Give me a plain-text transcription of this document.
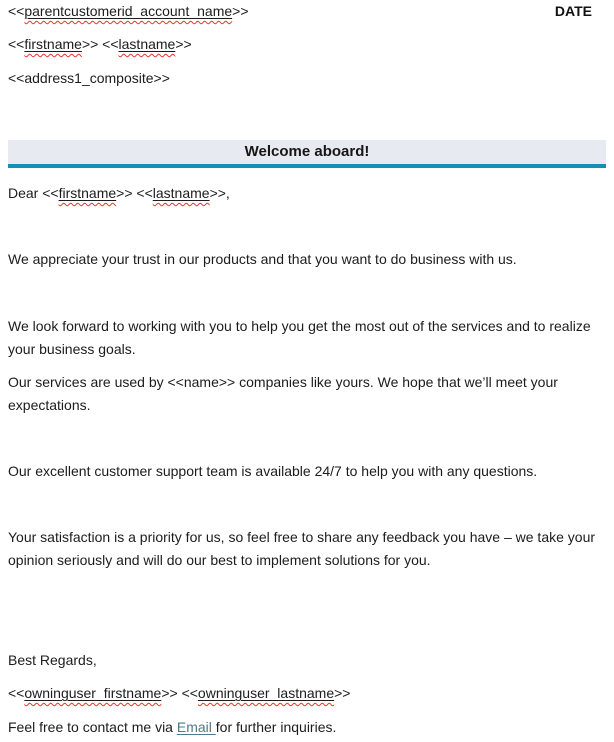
<<parentcustomerid_account_name>>	DATE

<<firstname>> <<lastname>>

<<address1_composite>>

Welcome aboard!

Dear <<firstname>> <<lastname>>,

We appreciate your trust in our products and that you want to do business with us.

We look forward to working with you to help you get the most out of the services and to realize your business goals.

Our services are used by <<name>> companies like yours. We hope that we’ll meet your expectations.

Our excellent customer support team is available 24/7 to help you with any questions.

Your satisfaction is a priority for us, so feel free to share any feedback you have – we take your opinion seriously and will do our best to implement solutions for you.

Best Regards,

<<owninguser_firstname>> <<owninguser_lastname>>

Feel free to contact me via Email for further inquiries.
